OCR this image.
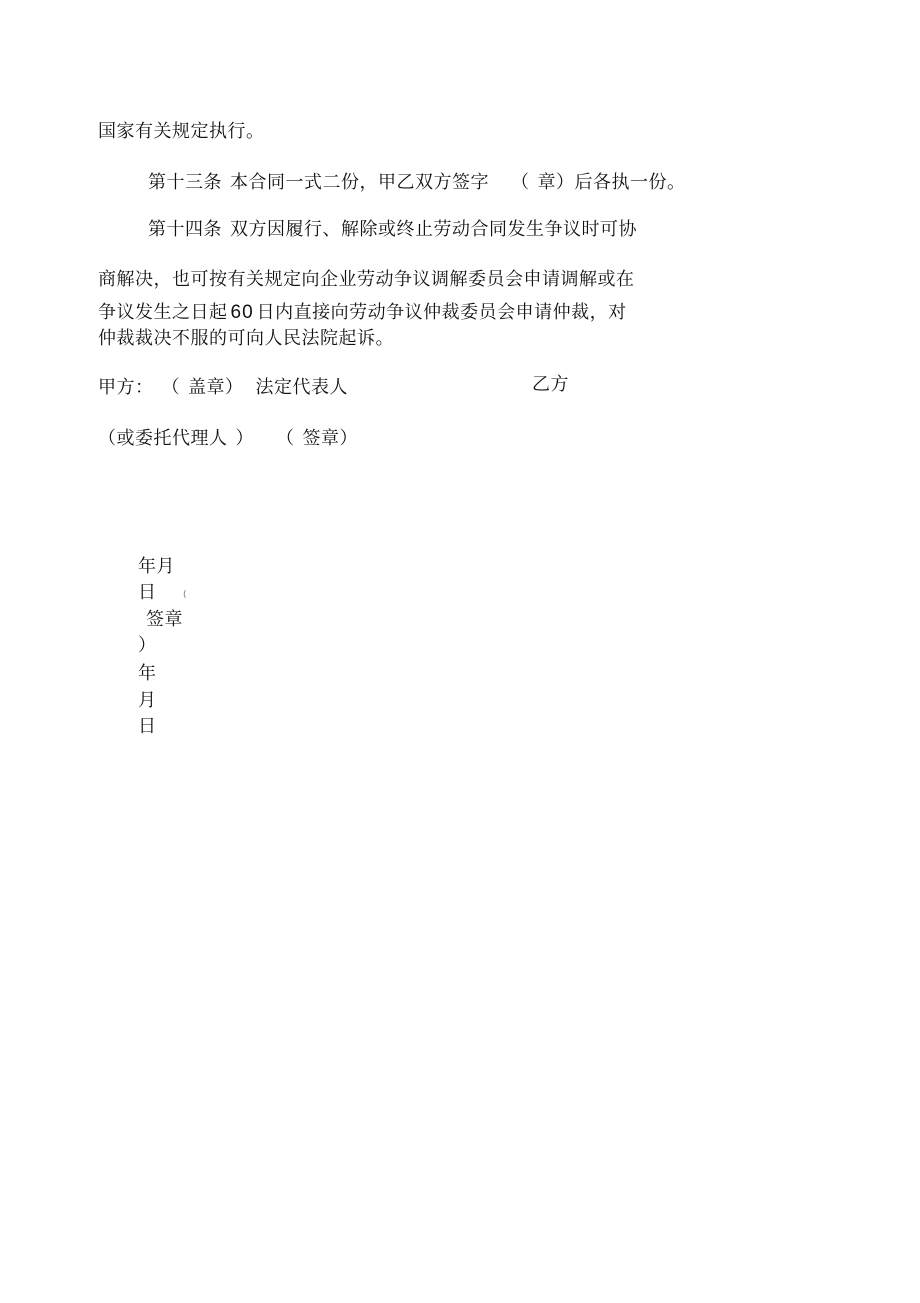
国家有关规定执行。
第十三条 本合同一式二份，甲乙双方签字 （ 章）后各执一份。
第十四条 双方因履行、解除或终止劳动合同发生争议时可协
商解决，也可按有关规定向企业劳动争议调解委员会申请调解或在
争议发生之日起 60 日内直接向劳动争议仲裁委员会申请仲裁，对
仲裁裁决不服的可向人民法院起诉。
甲方： （ 盖章） 法定代表人	乙方
（或委托代理人 ） （ 签章）
年月
日	(
签章
）
年
月
日
